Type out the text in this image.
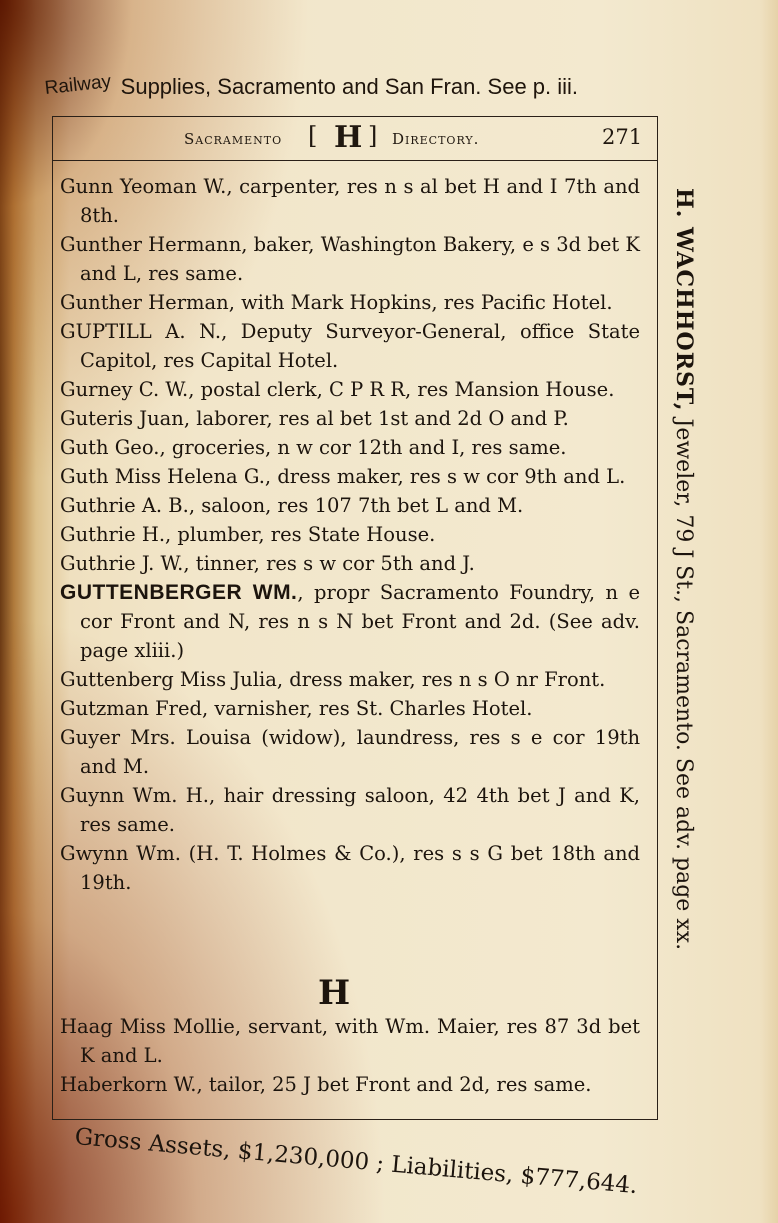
Railway Supplies, Sacramento and San Fran. See p. iii.
Sacramento [ H ] Directory.	271
Gunn Yeoman W., carpenter, res n s al bet H and I 7th and 8th.
Gunther Hermann, baker, Washington Bakery, e s 3d bet K and L, res same.
Gunther Herman, with Mark Hopkins, res Pacific Hotel.
GUPTILL A. N., Deputy Surveyor-General, office State Capitol, res Capital Hotel.
Gurney C. W., postal clerk, C P R R, res Mansion House.
Guteris Juan, laborer, res al bet 1st and 2d O and P.
Guth Geo., groceries, n w cor 12th and I, res same.
Guth Miss Helena G., dress maker, res s w cor 9th and L.
Guthrie A. B., saloon, res 107 7th bet L and M.
Guthrie H., plumber, res State House.
Guthrie J. W., tinner, res s w cor 5th and J.
GUTTENBERGER WM., propr Sacramento Foundry, n e cor Front and N, res n s N bet Front and 2d. (See adv. page xliii.)
Guttenberg Miss Julia, dress maker, res n s O nr Front.
Gutzman Fred, varnisher, res St. Charles Hotel.
Guyer Mrs. Louisa (widow), laundress, res s e cor 19th and M.
Guynn Wm. H., hair dressing saloon, 42 4th bet J and K, res same.
Gwynn Wm. (H. T. Holmes & Co.), res s s G bet 18th and 19th.
H
Haag Miss Mollie, servant, with Wm. Maier, res 87 3d bet K and L.
Haberkorn W., tailor, 25 J bet Front and 2d, res same.
H. WACHHORST, Jeweler, 79 J St., Sacramento. See adv. page xx.
Gross Assets, $1,230,000 ; Liabilities, $777,644.
